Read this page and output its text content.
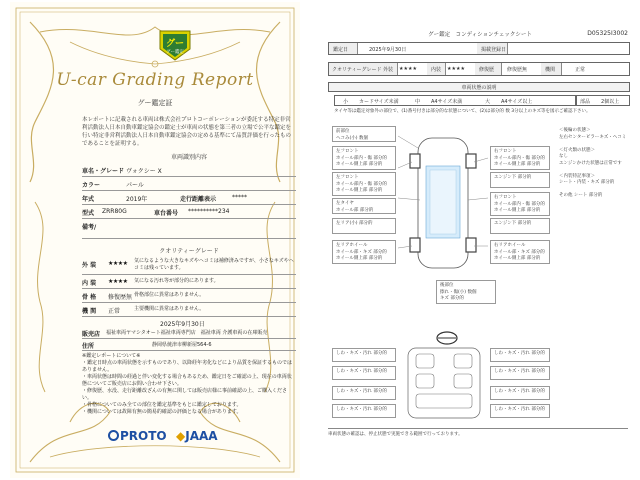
グー
グー鑑定
U-car Grading Report
グー鑑定証
本レポートに記載される車両は株式会社プロトコーポレーションが委託する特定非営利活動法人日本自動車鑑定協会の鑑定士が車両の状態を第三者の立場で公平な鑑定を行い特定非営利活動法人日本自動車鑑定協会の定める基準にて品質評価を行ったものであることを証明する。
車両識別内容
車名・グレード ヴォクシー X
カラー	パール
年式	2019年	走行距離表示	*****
型式 ZRR80G	車台番号 **********234
備考/
クオリティーグレード
外 装 ★★★★ 気になるような大きなキズやヘコミは補修済みですが、小さなキズやヘコミは残っています。
内 装 ★★★★ 気になる汚れ等が部分的にあります。
骨 格 修復歴無 骨格部位に異常はありません。
機 関 正常	主要機関に異常はありません。
2025年9月30日
販売店 福祉車両ヤマシタオート福祉車両専門店　福祉車両 介護車両の在庫販売
住所	静岡県焼津市柳新屋564-6
※鑑定レポートについて※
・鑑定日時点の車両状態を示すものであり、以降経年劣化などにより品質を保証するものではありません。
・車両状態は時間の経過と伴い変化する場合もあるため、鑑定日をご確認の上、現在の車両状態についてご販売店にお問い合わせ下さい。
・修復歴、水没、走行距離改ざんの有無に関しては販売店様に事前確認の上、ご購入ください。
・骨格についてのみ全ての部位を鑑定基準をもとに鑑定しております。
・機関については故障有無の簡易的確認の評価となる場合があります。
PROTO ◆JAAA
グー鑑定　コンディションチェックシート	D05325I3002
鑑定日	2025年9月30日	掲載登録日
クオリティーグレード 外装 ★★★★	内装 ★★★★	修復歴	修復歴無	機関	正常
車両状態の説明
小 カードサイズ未満	中 A4サイズ未満	大 A4サイズ以上	部品 2個以上
タイヤ等は鑑定対象外の部位で、(1)番号付きは部分的な状態について、(2)は部分的 数 3分以上のキズ等を図示ご確認下さい。
前部位
ヘコみ(小) 数個
左フロント
ホイール部内・傷 部分的
ホイール側上部 部分的
左フロント
ホイール部内・傷 部分的
ホイール側上部 部分的
左タイヤ
ホイール部 部分的
左リア(小) 部分的
左リアホイール
ホイール部・キズ 部分的
ホイール側上部 部分的
右フロント
ホイール部内・傷 部分的
ホイール側上部 部分的
エンジン下 部分的
右フロント
ホイール部内・傷 部分的
ホイール側上部 部分的
エンジン下 部分的
右リアホイール
ホイール部・キズ 部分的
ホイール側上部 部分的
後部位
擦れ・傷(小) 数個
キズ 部分的
＜後輪の状態＞
左右センタービラーキズ・ヘコミ

＜灯火類の状態＞
なし
エンジンかけた状態は正常です

＜内装特記事項＞
シート・内装・キズ 部分的

その他 シート 部分的
しわ・キズ・汚れ 部分的	しわ・キズ・汚れ 部分的
しわ・キズ・汚れ 部分的	しわ・キズ・汚れ 部分的
しわ・キズ・汚れ 部分的	しわ・キズ・汚れ 部分的
しわ・キズ・汚れ 部分的	しわ・キズ・汚れ 部分的
車両状態の確認は、停止状態で実施できる範囲で行っております。
